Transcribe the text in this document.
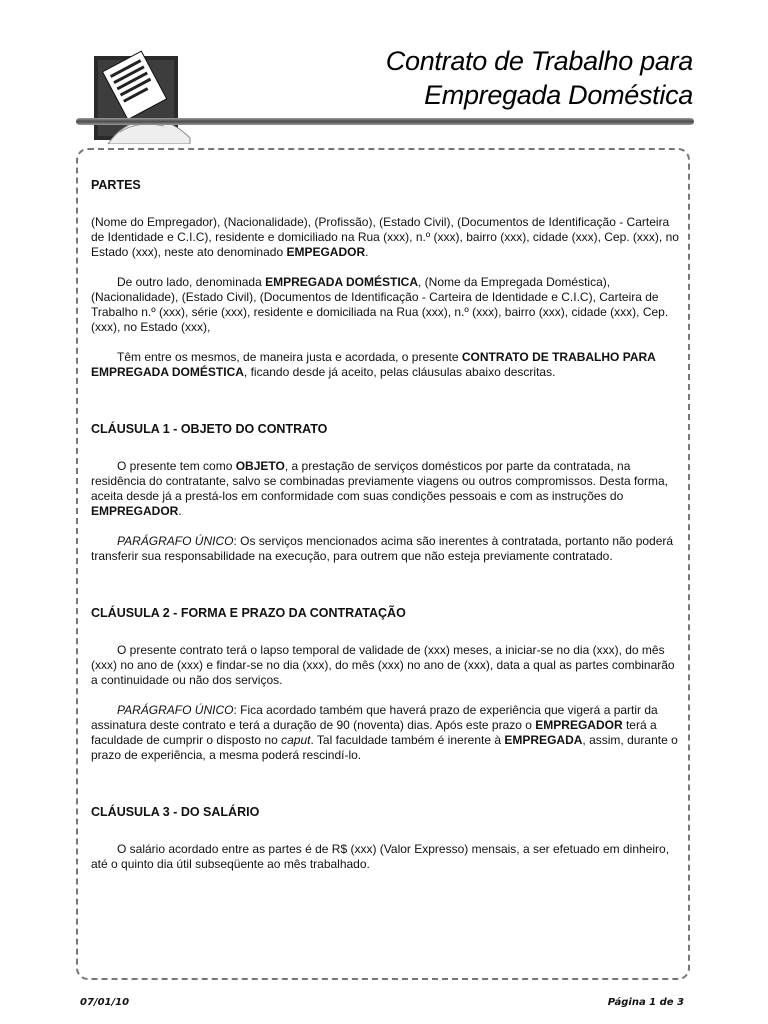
Contrato de Trabalho para
Empregada Doméstica

PARTES

(Nome do Empregador), (Nacionalidade), (Profissão), (Estado Civil), (Documentos de Identificação - Carteira de Identidade e C.I.C), residente e domiciliado na Rua (xxx), n.º (xxx), bairro (xxx), cidade (xxx), Cep. (xxx), no Estado (xxx), neste ato denominado EMPEGADOR.

De outro lado, denominada EMPREGADA DOMÉSTICA, (Nome da Empregada Doméstica), (Nacionalidade), (Estado Civil), (Documentos de Identificação - Carteira de Identidade e C.I.C), Carteira de Trabalho n.º (xxx), série (xxx), residente e domiciliada na Rua (xxx), n.º (xxx), bairro (xxx), cidade (xxx), Cep. (xxx), no Estado (xxx),

Têm entre os mesmos, de maneira justa e acordada, o presente CONTRATO DE TRABALHO PARA EMPREGADA DOMÉSTICA, ficando desde já aceito, pelas cláusulas abaixo descritas.

CLÁUSULA 1 - OBJETO DO CONTRATO

O presente tem como OBJETO, a prestação de serviços domésticos por parte da contratada, na residência do contratante, salvo se combinadas previamente viagens ou outros compromissos. Desta forma, aceita desde já a prestá-los em conformidade com suas condições pessoais e com as instruções do EMPREGADOR.

PARÁGRAFO ÚNICO: Os serviços mencionados acima são inerentes à contratada, portanto não poderá transferir sua responsabilidade na execução, para outrem que não esteja previamente contratado.

CLÁUSULA 2 - FORMA E PRAZO DA CONTRATAÇÃO

O presente contrato terá o lapso temporal de validade de (xxx) meses, a iniciar-se no dia (xxx), do mês (xxx) no ano de (xxx) e findar-se no dia (xxx), do mês (xxx) no ano de (xxx), data a qual as partes combinarão a continuidade ou não dos serviços.

PARÁGRAFO ÚNICO: Fica acordado também que haverá prazo de experiência que vigerá a partir da assinatura deste contrato e terá a duração de 90 (noventa) dias. Após este prazo o EMPREGADOR terá a faculdade de cumprir o disposto no caput. Tal faculdade também é inerente à EMPREGADA, assim, durante o prazo de experiência, a mesma poderá rescindí-lo.

CLÁUSULA 3 - DO SALÁRIO

O salário acordado entre as partes é de R$ (xxx) (Valor Expresso) mensais, a ser efetuado em dinheiro, até o quinto dia útil subseqüente ao mês trabalhado.

07/01/10	Página 1 de 3
